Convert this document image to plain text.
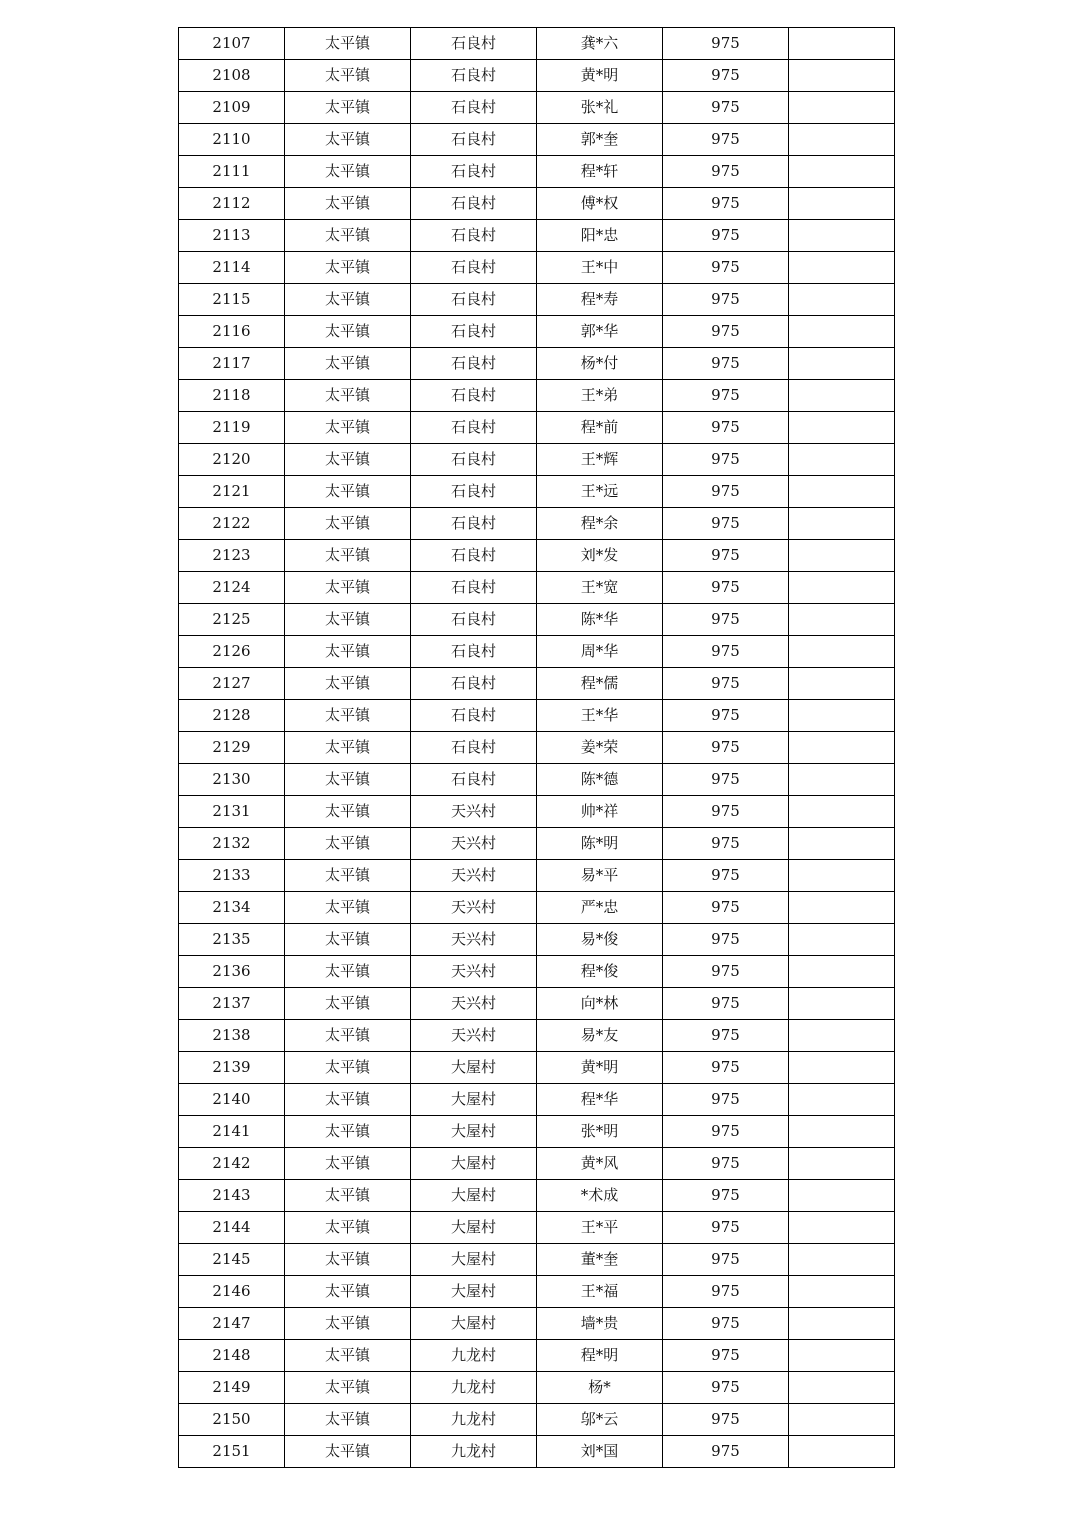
2107	太平镇	石良村	龚*六	975	
2108	太平镇	石良村	黄*明	975	
2109	太平镇	石良村	张*礼	975	
2110	太平镇	石良村	郭*奎	975	
2111	太平镇	石良村	程*轩	975	
2112	太平镇	石良村	傅*权	975	
2113	太平镇	石良村	阳*忠	975	
2114	太平镇	石良村	王*中	975	
2115	太平镇	石良村	程*寿	975	
2116	太平镇	石良村	郭*华	975	
2117	太平镇	石良村	杨*付	975	
2118	太平镇	石良村	王*弟	975	
2119	太平镇	石良村	程*前	975	
2120	太平镇	石良村	王*辉	975	
2121	太平镇	石良村	王*远	975	
2122	太平镇	石良村	程*余	975	
2123	太平镇	石良村	刘*发	975	
2124	太平镇	石良村	王*宽	975	
2125	太平镇	石良村	陈*华	975	
2126	太平镇	石良村	周*华	975	
2127	太平镇	石良村	程*儒	975	
2128	太平镇	石良村	王*华	975	
2129	太平镇	石良村	姜*荣	975	
2130	太平镇	石良村	陈*德	975	
2131	太平镇	天兴村	帅*祥	975	
2132	太平镇	天兴村	陈*明	975	
2133	太平镇	天兴村	易*平	975	
2134	太平镇	天兴村	严*忠	975	
2135	太平镇	天兴村	易*俊	975	
2136	太平镇	天兴村	程*俊	975	
2137	太平镇	天兴村	向*林	975	
2138	太平镇	天兴村	易*友	975	
2139	太平镇	大屋村	黄*明	975	
2140	太平镇	大屋村	程*华	975	
2141	太平镇	大屋村	张*明	975	
2142	太平镇	大屋村	黄*风	975	
2143	太平镇	大屋村	*术成	975	
2144	太平镇	大屋村	王*平	975	
2145	太平镇	大屋村	董*奎	975	
2146	太平镇	大屋村	王*福	975	
2147	太平镇	大屋村	墙*贵	975	
2148	太平镇	九龙村	程*明	975	
2149	太平镇	九龙村	杨*	975	
2150	太平镇	九龙村	邬*云	975	
2151	太平镇	九龙村	刘*国	975	
